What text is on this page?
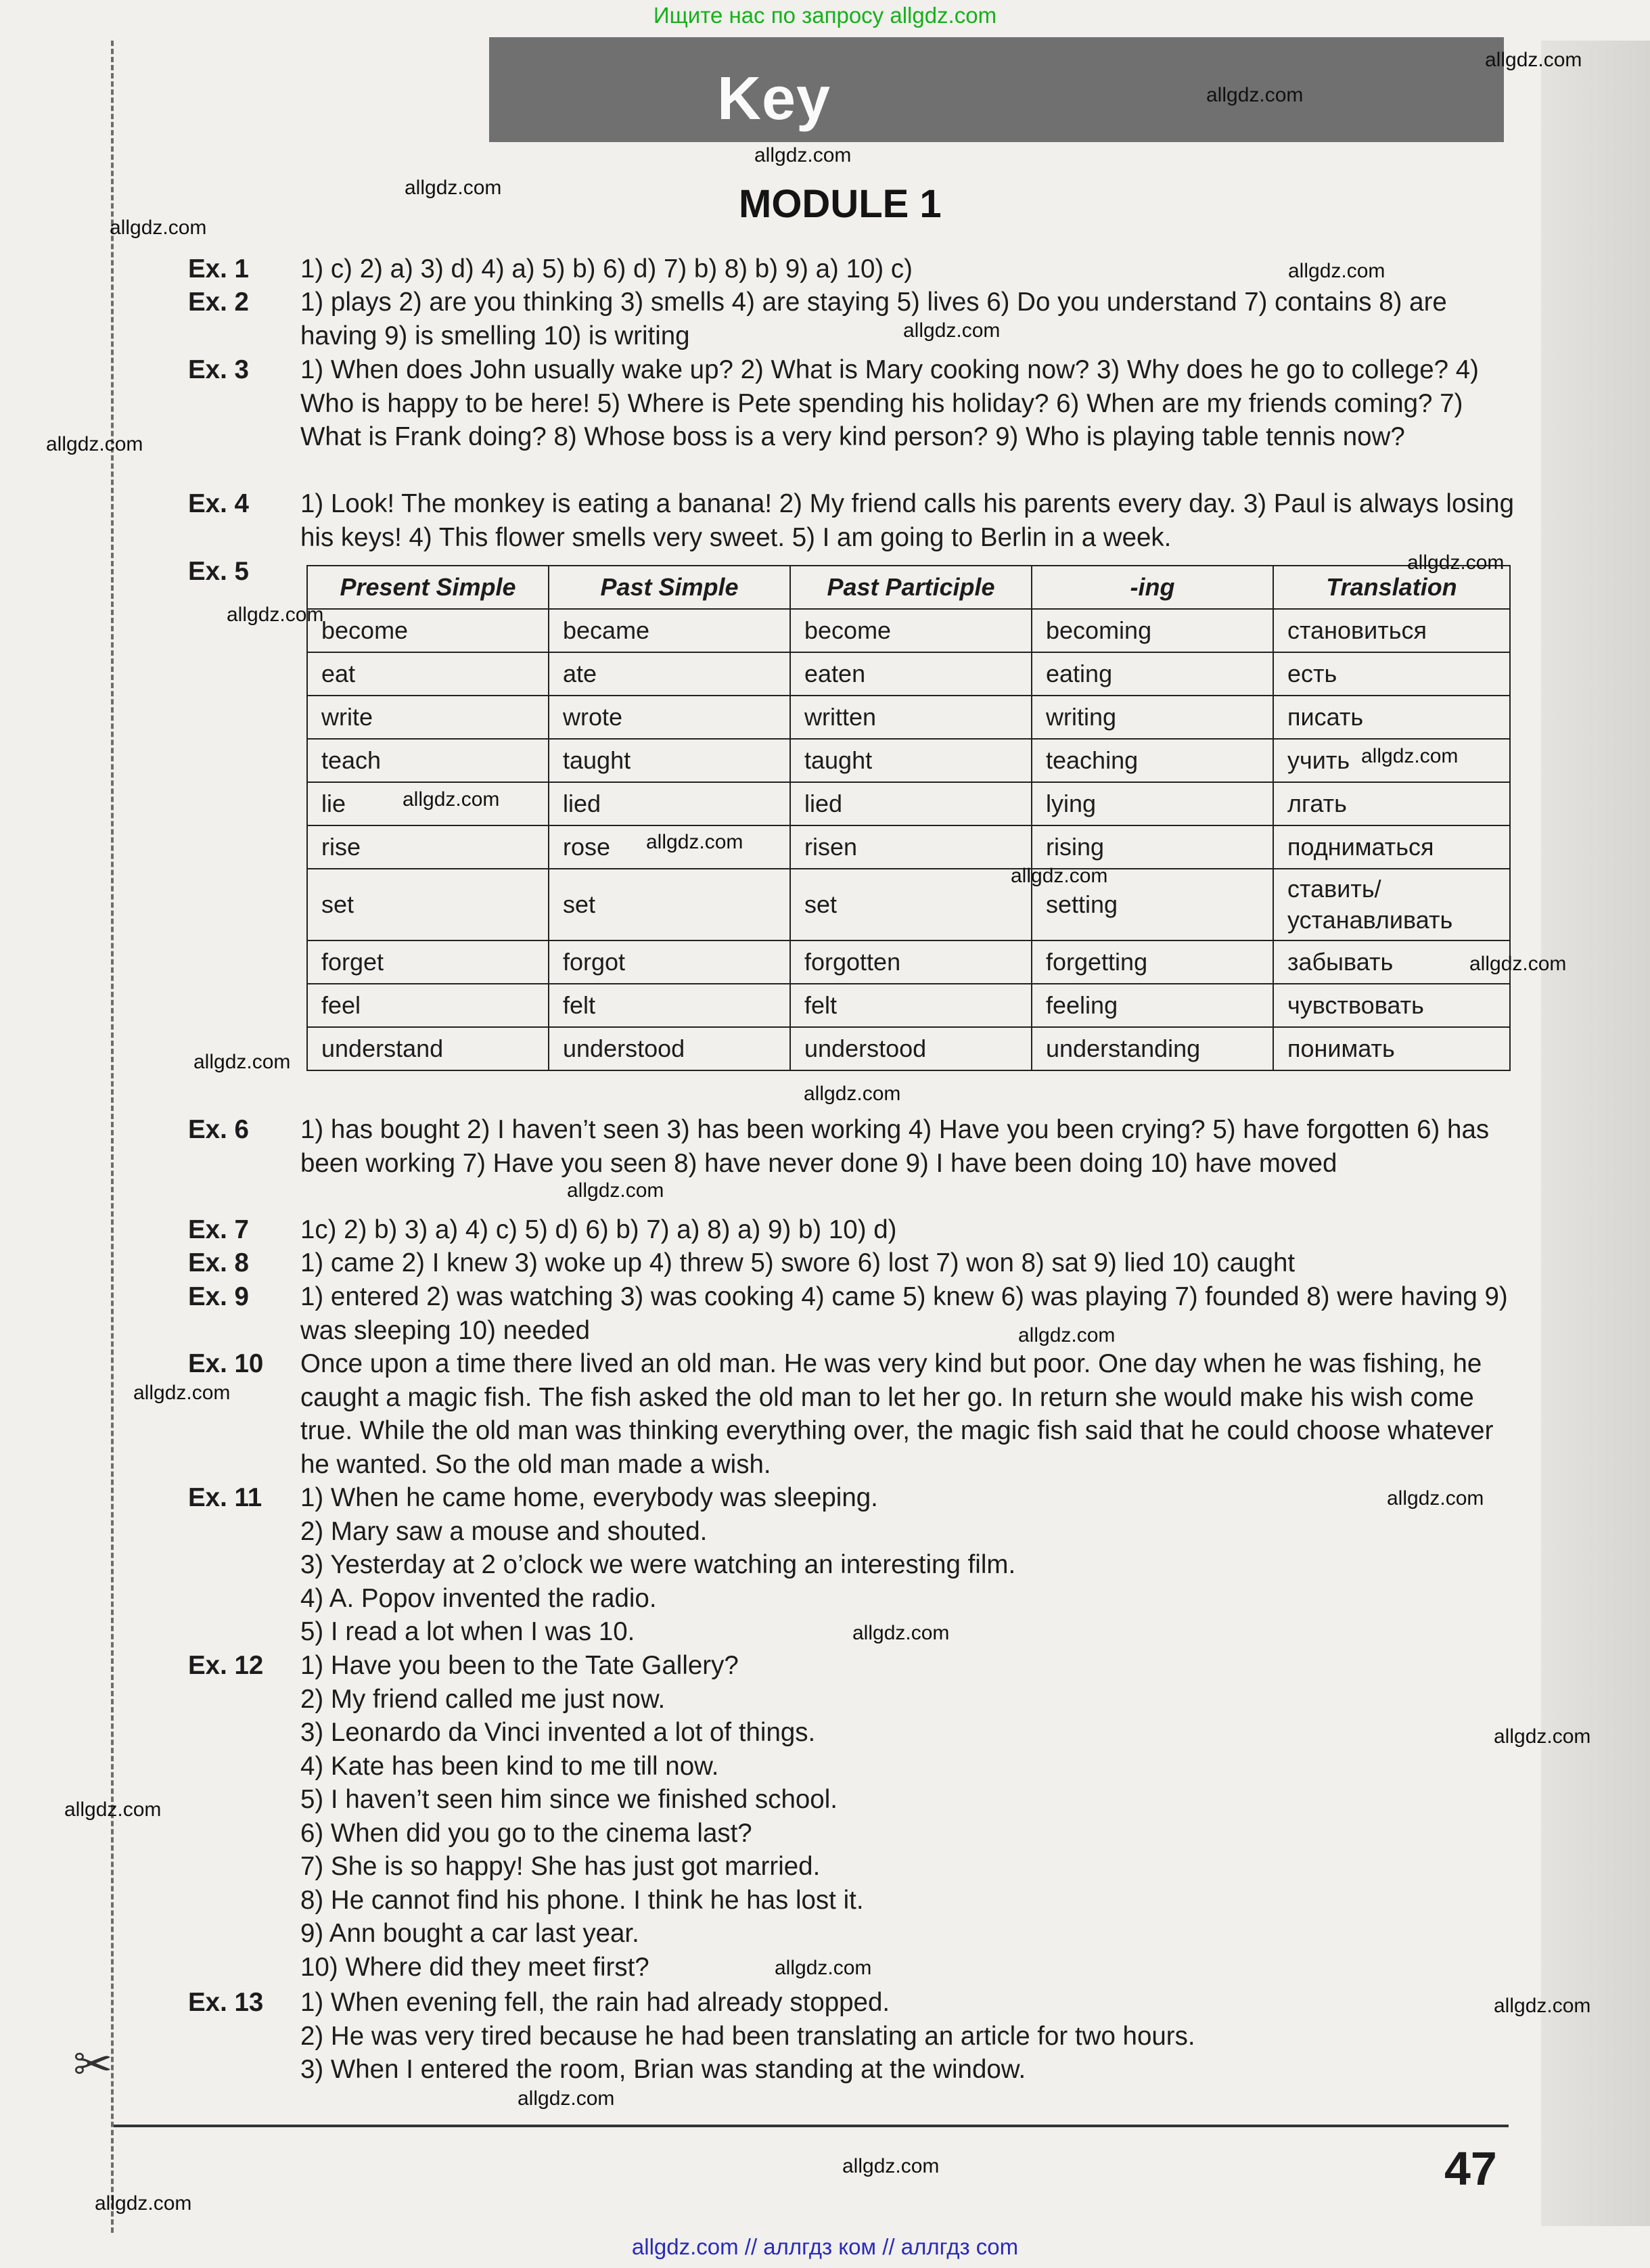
Ищите нас по запросу allgdz.com
✂
Key
MODULE 1
Ex. 1	1) c) 2) a) 3) d) 4) a) 5) b) 6) d) 7) b) 8) b) 9) a) 10) c)
Ex. 2	1) plays 2) are you thinking 3) smells 4) are staying 5) lives 6) Do you understand 7) contains 8) are having 9) is smelling 10) is writing
Ex. 3	1) When does John usually wake up? 2) What is Mary cooking now? 3) Why does he go to college? 4) Who is happy to be here! 5) Where is Pete spending his holiday? 6) When are my friends coming? 7) What is Frank doing? 8) Whose boss is a very kind person? 9) Who is playing table tennis now?
Ex. 4	1) Look! The monkey is eating a banana! 2) My friend calls his parents every day. 3) Paul is always losing his keys! 4) This flower smells very sweet. 5) I am going to Berlin in a week.
Ex. 5
Present Simple	Past Simple	Past Participle	-ing	Translation
become	became	become	becoming	становиться
eat	ate	eaten	eating	есть
write	wrote	written	writing	писать
teach	taught	taught	teaching	учить
lie	lied	lied	lying	лгать
rise	rose	risen	rising	подниматься
set	set	set	setting	ставить/ устанавливать
forget	forgot	forgotten	forgetting	забывать
feel	felt	felt	feeling	чувствовать
understand	understood	understood	understanding	понимать
Ex. 6	1) has bought 2) I haven’t seen 3) has been working 4) Have you been crying? 5) have forgotten 6) has been working 7) Have you seen 8) have never done 9) I have been doing 10) have moved
Ex. 7	1c) 2) b) 3) a) 4) c) 5) d) 6) b) 7) a) 8) a) 9) b) 10) d)
Ex. 8	1) came 2) I knew 3) woke up 4) threw 5) swore 6) lost 7) won 8) sat 9) lied 10) caught
Ex. 9	1) entered 2) was watching 3) was cooking 4) came 5) knew 6) was playing 7) founded 8) were having 9) was sleeping 10) needed
Ex. 10	Once upon a time there lived an old man. He was very kind but poor. One day when he was fishing, he caught a magic fish. The fish asked the old man to let her go. In return she would make his wish come true. While the old man was thinking everything over, the magic fish said that he could choose whatever he wanted. So the old man made a wish.
Ex. 11	1) When he came home, everybody was sleeping.
2) Mary saw a mouse and shouted.
3) Yesterday at 2 o’clock we were watching an interesting film.
4) A. Popov invented the radio.
5) I read a lot when I was 10.
Ex. 12	1) Have you been to the Tate Gallery?
2) My friend called me just now.
3) Leonardo da Vinci invented a lot of things.
4) Kate has been kind to me till now.
5) I haven’t seen him since we finished school.
6) When did you go to the cinema last?
7) She is so happy! She has just got married.
8) He cannot find his phone. I think he has lost it.
9) Ann bought a car last year.
10) Where did they meet first?
Ex. 13	1) When evening fell, the rain had already stopped.
2) He was very tired because he had been translating an article for two hours.
3) When I entered the room, Brian was standing at the window.
47
allgdz.com
allgdz.com
allgdz.com
allgdz.com
allgdz.com
allgdz.com
allgdz.com
allgdz.com
allgdz.com
allgdz.com
allgdz.com
allgdz.com
allgdz.com
allgdz.com
allgdz.com
allgdz.com
allgdz.com
allgdz.com
allgdz.com
allgdz.com
allgdz.com
allgdz.com
allgdz.com
allgdz.com
allgdz.com
allgdz.com
allgdz.com
allgdz.com
allgdz.com
allgdz.com // аллгдз ком // аллгдз com
